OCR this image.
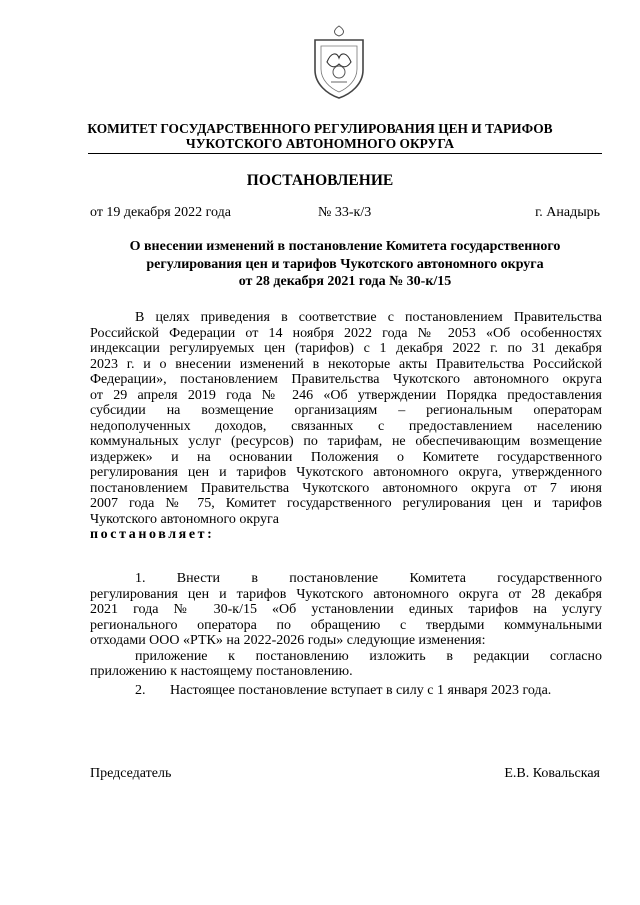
КОМИТЕТ ГОСУДАРСТВЕННОГО РЕГУЛИРОВАНИЯ ЦЕН И ТАРИФОВ
ЧУКОТСКОГО АВТОНОМНОГО ОКРУГА
ПОСТАНОВЛЕНИЕ
от 19 декабря 2022 года	№ 33-к/3	г. Анадырь
О внесении изменений в постановление Комитета государственного
регулирования цен и тарифов Чукотского автономного округа
от 28 декабря 2021 года № 30-к/15

В целях приведения в соответствие с постановлением Правительства

Российской Федерации от 14 ноября 2022 года № 2053 «Об особенностях

индексации регулируемых цен (тарифов) с 1 декабря 2022 г. по 31 декабря

2023 г. и о внесении изменений в некоторые акты Правительства Российской

Федерации», постановлением Правительства Чукотского автономного округа

от 29 апреля 2019 года № 246 «Об утверждении Порядка предоставления

субсидии на возмещение организациям – региональным операторам

недополученных доходов, связанных с предоставлением населению

коммунальных услуг (ресурсов) по тарифам, не обеспечивающим возмещение

издержек» и на основании Положения о Комитете государственного

регулирования цен и тарифов Чукотского автономного округа, утвержденного

постановлением Правительства Чукотского автономного округа от 7 июня

2007 года № 75, Комитет государственного регулирования цен и тарифов

Чукотского автономного округа

постановляет:

1. Внести в постановление Комитета государственного

регулирования цен и тарифов Чукотского автономного округа от 28 декабря

2021 года № 30-к/15 «Об установлении единых тарифов на услугу

регионального оператора по обращению с твердыми коммунальными

отходами ООО «РТК» на 2022-2026 годы» следующие изменения:

приложение к постановлению изложить в редакции согласно

приложению к настоящему постановлению.

2.	Настоящее постановление вступает в силу с 1 января 2023 года.

Председатель	Е.В. Ковальская
